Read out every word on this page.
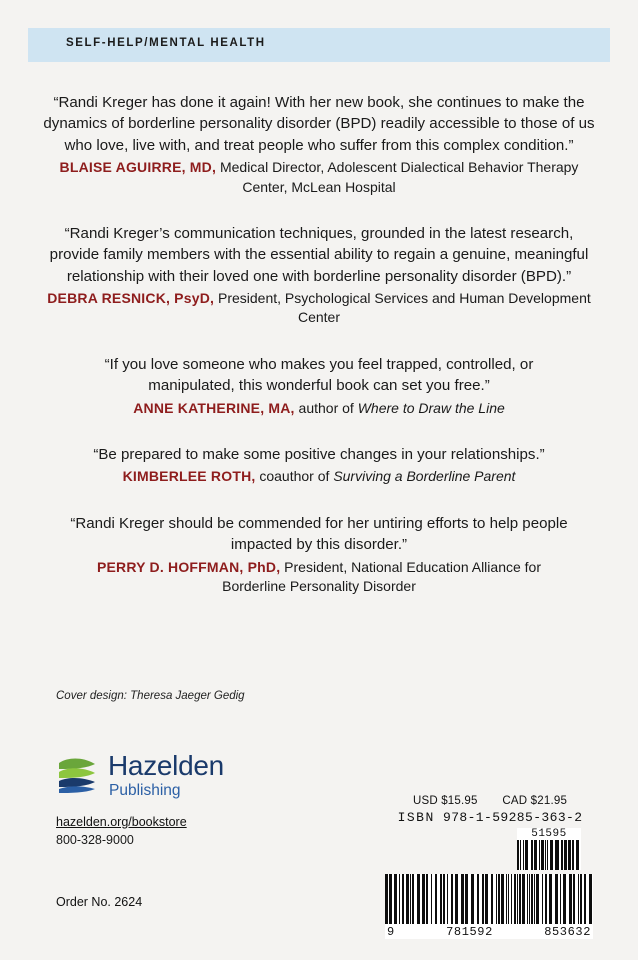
SELF-HELP/MENTAL HEALTH
“Randi Kreger has done it again! With her new book, she continues to make the dynamics of borderline personality disorder (BPD) readily accessible to those of us who love, live with, and treat people who suffer from this complex condition.”
BLAISE AGUIRRE, MD, Medical Director, Adolescent Dialectical Behavior Therapy Center, McLean Hospital
“Randi Kreger’s communication techniques, grounded in the latest research, provide family members with the essential ability to regain a genuine, meaningful relationship with their loved one with borderline personality disorder (BPD).”
DEBRA RESNICK, PsyD, President, Psychological Services and Human Development Center
“If you love someone who makes you feel trapped, controlled, or manipulated, this wonderful book can set you free.”
ANNE KATHERINE, MA, author of Where to Draw the Line
“Be prepared to make some positive changes in your relationships.”
KIMBERLEE ROTH, coauthor of Surviving a Borderline Parent
“Randi Kreger should be commended for her untiring efforts to help people impacted by this disorder.”
PERRY D. HOFFMAN, PhD, President, National Education Alliance for Borderline Personality Disorder
Cover design: Theresa Jaeger Gedig
Hazelden
Publishing
hazelden.org/bookstore
800-328-9000
Order No. 2624
USD $15.95 CAD $21.95
ISBN 978-1-59285-363-2
51595
9	781592	853632
